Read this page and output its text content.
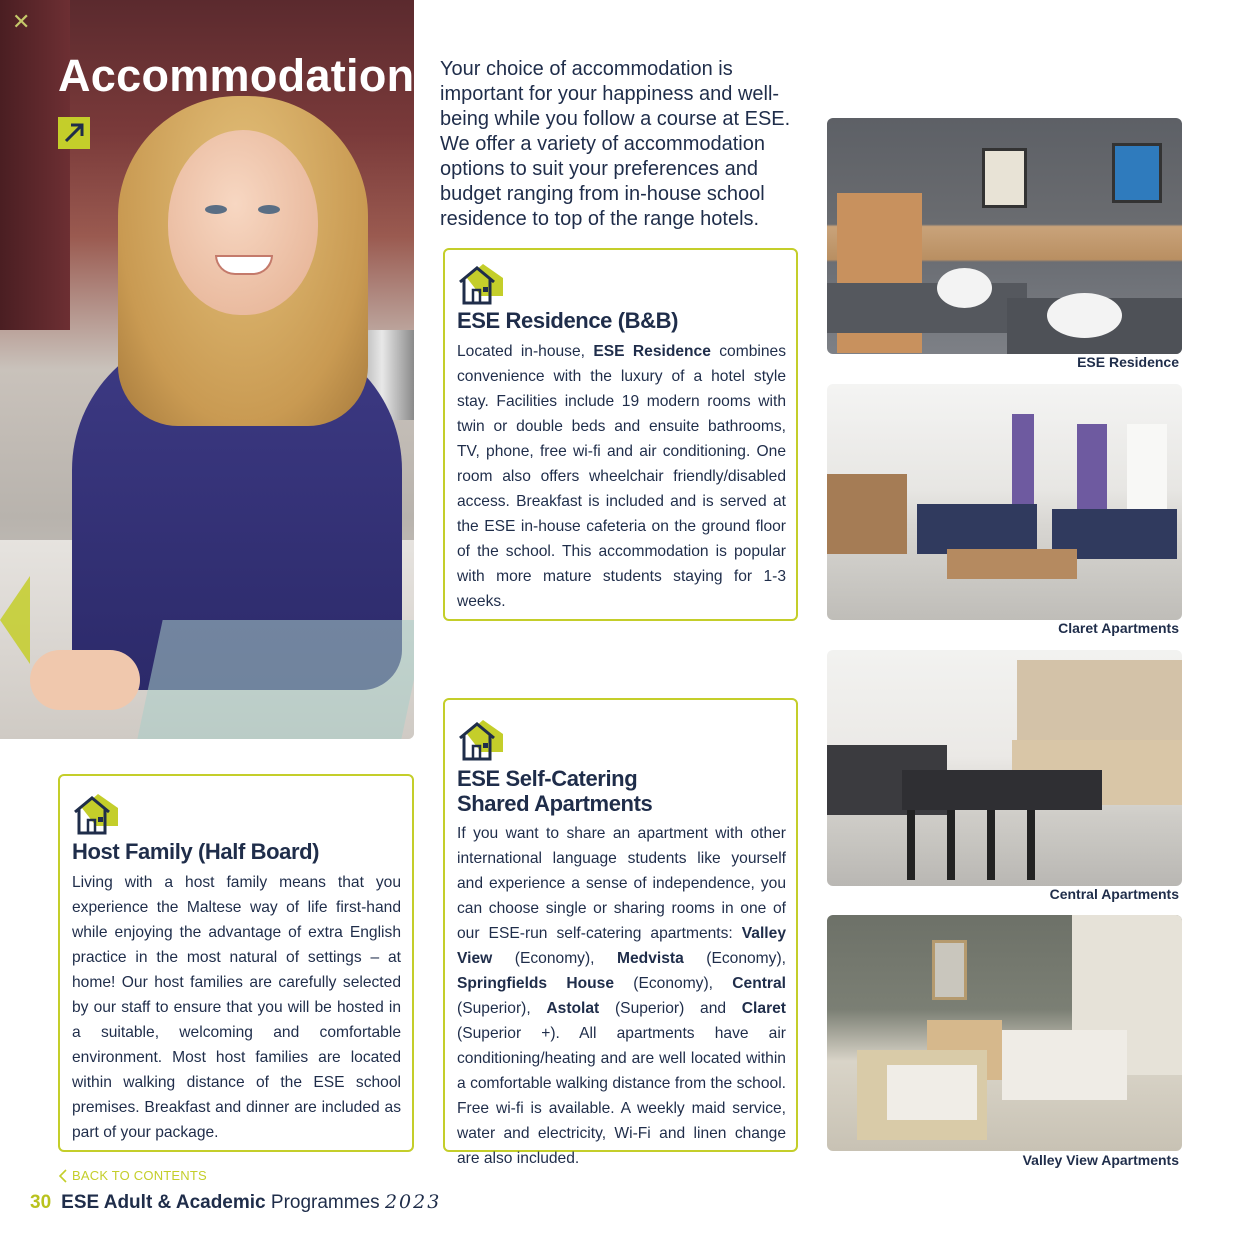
✕
Accommodation Your choice of accommodation is important for your happiness and well-being while you follow a course at ESE. We offer a variety of accommodation options to suit your preferences and budget ranging from in-house school residence to top of the range hotels.

ESE Residence (B&B)

Located in-house, ESE Residence combines convenience with the luxury of a hotel style stay. Facilities include 19 modern rooms with twin or double beds and ensuite bathrooms, TV, phone, free wi-fi and air conditioning. One room also offers wheelchair friendly/disabled access. Breakfast is included and is served at the ESE in-house cafeteria on the ground floor of the school. This accommodation is popular with more mature students staying for 1-3 weeks.

ESE Self-Catering
Shared Apartments

If you want to share an apartment with other international language students like yourself and experience a sense of independence, you can choose single or sharing rooms in one of our ESE-run self-catering apartments: Valley View (Economy), Medvista (Economy), Springfields House (Economy), Central (Superior), Astolat (Superior) and Claret (Superior +). All apartments have air conditioning/heating and are well located within a comfortable walking distance from the school. Free wi-fi is available. A weekly maid service, water and electricity, Wi-Fi and linen change are also included.

Host Family (Half Board)

Living with a host family means that you experience the Maltese way of life first-hand while enjoying the advantage of extra English practice in the most natural of settings – at home! Our host families are carefully selected by our staff to ensure that you will be hosted in a suitable, welcoming and comfortable environment. Most host families are located within walking distance of the ESE school premises. Breakfast and dinner are included as part of your package.

ESE Residence
Claret Apartments
Central Apartments
Valley View Apartments
BACK TO CONTENTS
30 ESE Adult & Academic Programmes 2023
